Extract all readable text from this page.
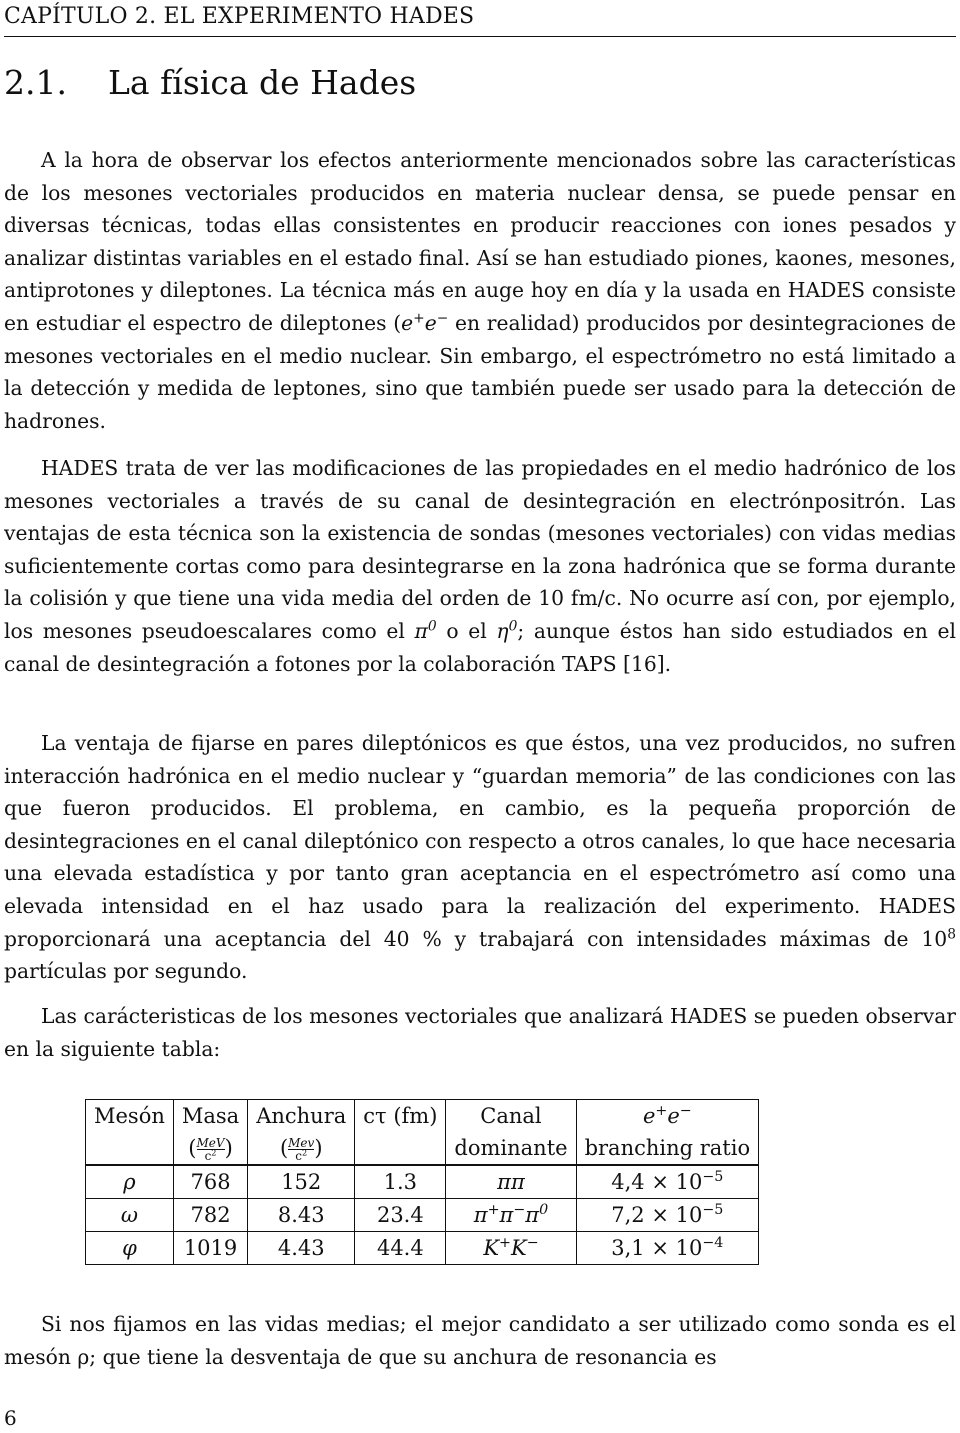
CAPÍTULO 2. EL EXPERIMENTO HADES
2.1. La física de Hades

A la hora de observar los efectos anteriormente mencionados sobre las características de los mesones vectoriales producidos en materia nuclear densa, se puede pensar en diversas técnicas, todas ellas consistentes en producir reacciones con iones pesados y analizar distintas variables en el estado final. Así se han estudiado piones, kaones, mesones, antiprotones y dileptones. La técnica más en auge hoy en día y la usada en HADES consiste en estudiar el espectro de dileptones (e+e− en realidad) producidos por desintegraciones de mesones vectoriales en el medio nuclear. Sin embargo, el espectrómetro no está limitado a la detección y medida de leptones, sino que también puede ser usado para la detección de hadrones.

HADES trata de ver las modificaciones de las propiedades en el medio hadrónico de los mesones vectoriales a través de su canal de desintegración en electrónpositrón. Las ventajas de esta técnica son la existencia de sondas (mesones vectoriales) con vidas medias suficientemente cortas como para desintegrarse en la zona hadrónica que se forma durante la colisión y que tiene una vida media del orden de 10 fm/c. No ocurre así con, por ejemplo, los mesones pseudoescalares como el $\pi^0$ o el $\eta^0$; aunque éstos han sido estudiados en el canal de desintegración a fotones por la colaboración TAPS [16].

La ventaja de fijarse en pares dileptónicos es que éstos, una vez producidos, no sufren interacción hadrónica en el medio nuclear y “guardan memoria” de las condiciones con las que fueron producidos. El problema, en cambio, es la pequeña proporción de desintegraciones en el canal dileptónico con respecto a otros canales, lo que hace necesaria una elevada estadística y por tanto gran aceptancia en el espectrómetro así como una elevada intensidad en el haz usado para la realización del experimento. HADES proporcionará una aceptancia del 40 % y trabajará con intensidades máximas de $10^8$ partículas por segundo.

Las carácteristicas de los mesones vectoriales que analizará HADES se pueden observar en la siguiente tabla:

Mesón	Masa	Anchura	cτ (fm)	Canal	e+e−
	( $\frac{\text{MeV}}{c^2}$ )	( $\frac{\text{Mev}}{c^2}$ )		dominante	branching ratio
ρ	768	152	1.3	ππ	$4,4 \times 10^{-5}$
ω	782	8.43	23.4	$\pi^+\pi^-\pi^0$	$7,2 \times 10^{-5}$
φ	1019	4.43	44.4	K+K−	$3,1 \times 10^{-4}$

Si nos fijamos en las vidas medias; el mejor candidato a ser utilizado como sonda es el mesón ρ; que tiene la desventaja de que su anchura de resonancia es

6
